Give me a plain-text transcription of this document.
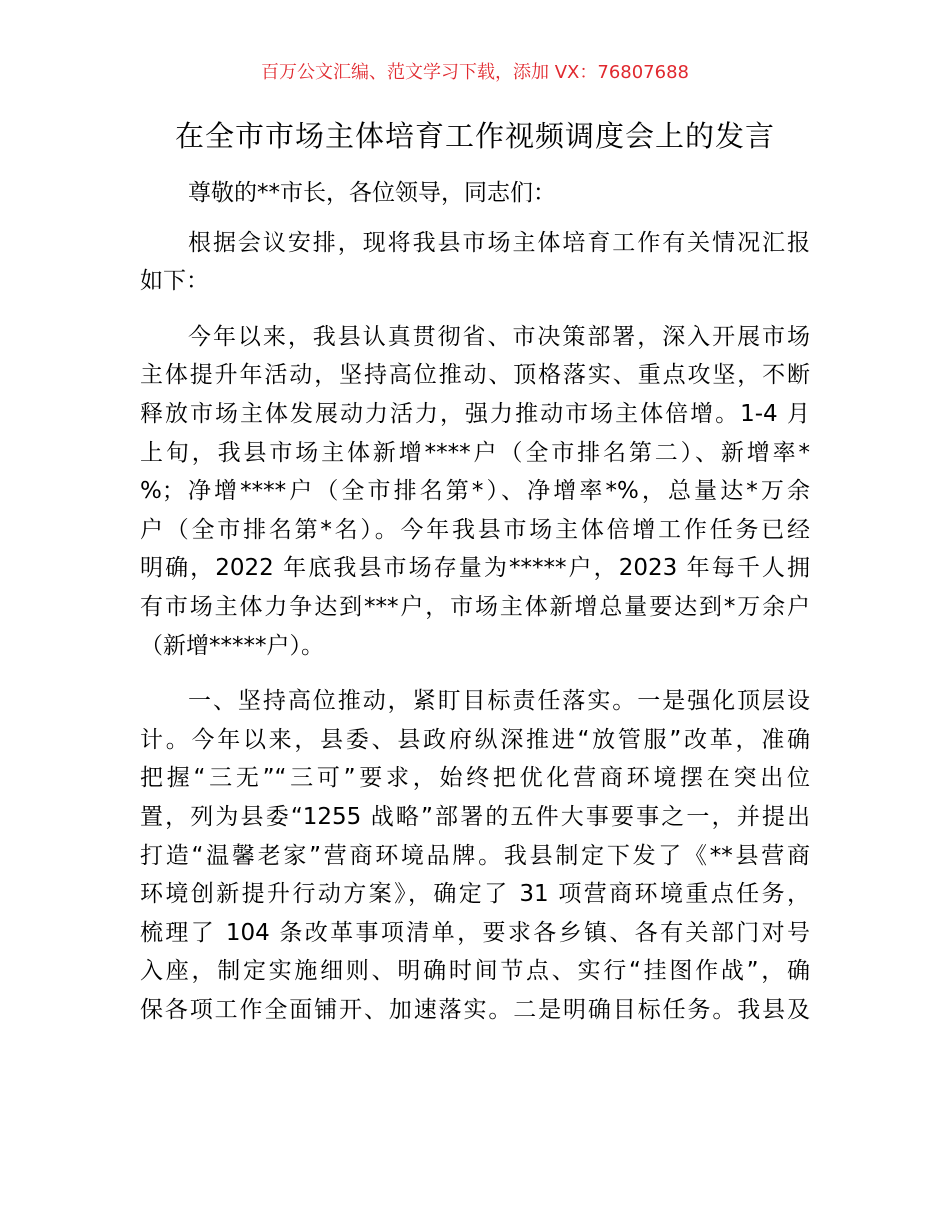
百万公文汇编、范文学习下载，添加 VX：76807688
在全市市场主体培育工作视频调度会上的发言
尊敬的**市长，各位领导，同志们：
根据会议安排，现将我县市场主体培育工作有关情况汇报
如下：
今年以来，我县认真贯彻省、市决策部署，深入开展市场
主体提升年活动，坚持高位推动、顶格落实、重点攻坚，不断
释放市场主体发展动力活力，强力推动市场主体倍增。1-4 月
上旬，我县市场主体新增****户（全市排名第二）、新增率*
%；净增****户（全市排名第*）、净增率*%，总量达*万余
户（全市排名第*名）。今年我县市场主体倍增工作任务已经
明确，2022 年底我县市场存量为*****户，2023 年每千人拥
有市场主体力争达到***户，市场主体新增总量要达到*万余户
（新增*****户）。
一、坚持高位推动，紧盯目标责任落实。一是强化顶层设
计。今年以来，县委、县政府纵深推进“放管服”改革，准确
把握“三无”“三可”要求，始终把优化营商环境摆在突出位
置，列为县委“1255 战略”部署的五件大事要事之一，并提出
打造“温馨老家”营商环境品牌。我县制定下发了《**县营商
环境创新提升行动方案》，确定了 31 项营商环境重点任务，
梳理了 104 条改革事项清单，要求各乡镇、各有关部门对号
入座，制定实施细则、明确时间节点、实行“挂图作战”，确
保各项工作全面铺开、加速落实。二是明确目标任务。我县及
